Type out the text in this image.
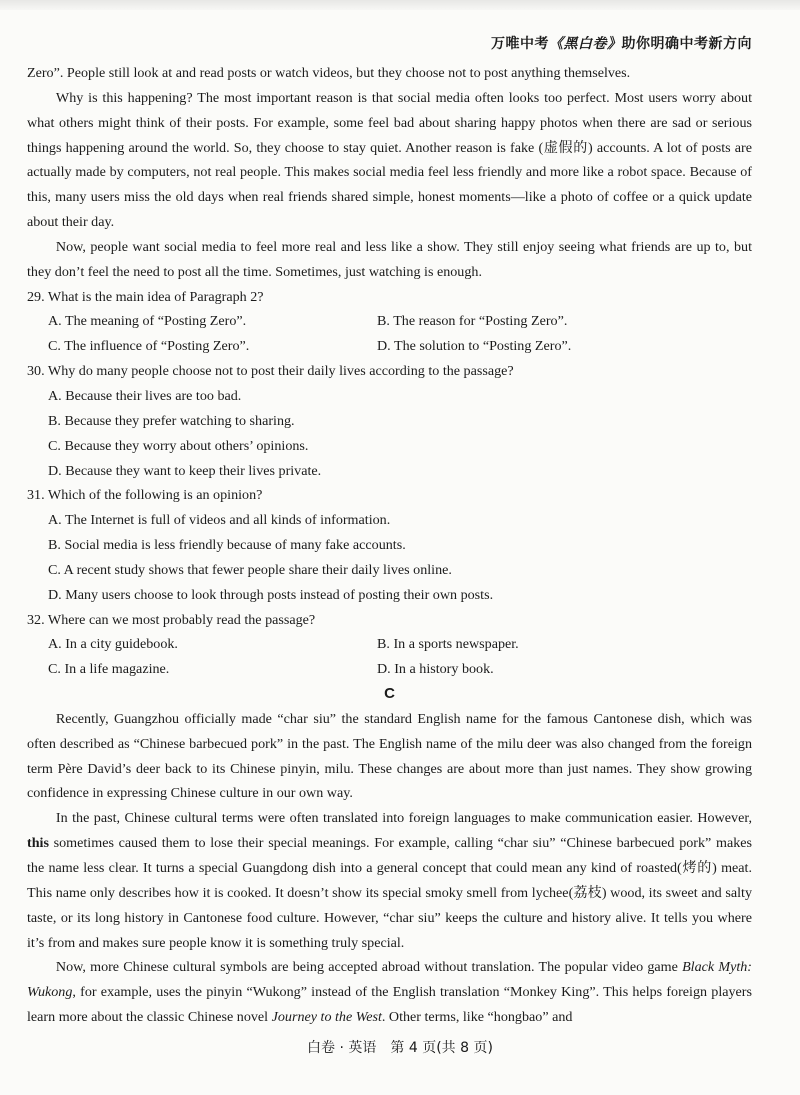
万唯中考《黑白卷》助你明确中考新方向

Zero”. People still look at and read posts or watch videos, but they choose not to post anything themselves.

Why is this happening? The most important reason is that social media often looks too perfect. Most users worry about what others might think of their posts. For example, some feel bad about sharing happy photos when there are sad or serious things happening around the world. So, they choose to stay quiet. Another reason is fake (虚假的) accounts. A lot of posts are actually made by computers, not real people. This makes social media feel less friendly and more like a robot space. Because of this, many users miss the old days when real friends shared simple, honest moments—like a photo of coffee or a quick update about their day.

Now, people want social media to feel more real and less like a show. They still enjoy seeing what friends are up to, but they don’t feel the need to post all the time. Sometimes, just watching is enough.

29. What is the main idea of Paragraph 2?

A. The meaning of “Posting Zero”.	B. The reason for “Posting Zero”.
C. The influence of “Posting Zero”.	D. The solution to “Posting Zero”.

30. Why do many people choose not to post their daily lives according to the passage?

A. Because their lives are too bad.

B. Because they prefer watching to sharing.

C. Because they worry about others’ opinions.

D. Because they want to keep their lives private.

31. Which of the following is an opinion?

A. The Internet is full of videos and all kinds of information.

B. Social media is less friendly because of many fake accounts.

C. A recent study shows that fewer people share their daily lives online.

D. Many users choose to look through posts instead of posting their own posts.

32. Where can we most probably read the passage?

A. In a city guidebook.	B. In a sports newspaper.
C. In a life magazine.	D. In a history book.
C

Recently, Guangzhou officially made “char siu” the standard English name for the famous Cantonese dish, which was often described as “Chinese barbecued pork” in the past. The English name of the milu deer was also changed from the foreign term Père David’s deer back to its Chinese pinyin, milu. These changes are about more than just names. They show growing confidence in expressing Chinese culture in our own way.

In the past, Chinese cultural terms were often translated into foreign languages to make communication easier. However, this sometimes caused them to lose their special meanings. For example, calling “char siu” “Chinese barbecued pork” makes the name less clear. It turns a special Guangdong dish into a general concept that could mean any kind of roasted(烤的) meat. This name only describes how it is cooked. It doesn’t show its special smoky smell from lychee(荔枝) wood, its sweet and salty taste, or its long history in Cantonese food culture. However, “char siu” keeps the culture and history alive. It tells you where it’s from and makes sure people know it is something truly special.

Now, more Chinese cultural symbols are being accepted abroad without translation. The popular video game Black Myth: Wukong, for example, uses the pinyin “Wukong” instead of the English translation “Monkey King”. This helps foreign players learn more about the classic Chinese novel Journey to the West. Other terms, like “hongbao” and

白卷 · 英语　第 4 页(共 8 页)
